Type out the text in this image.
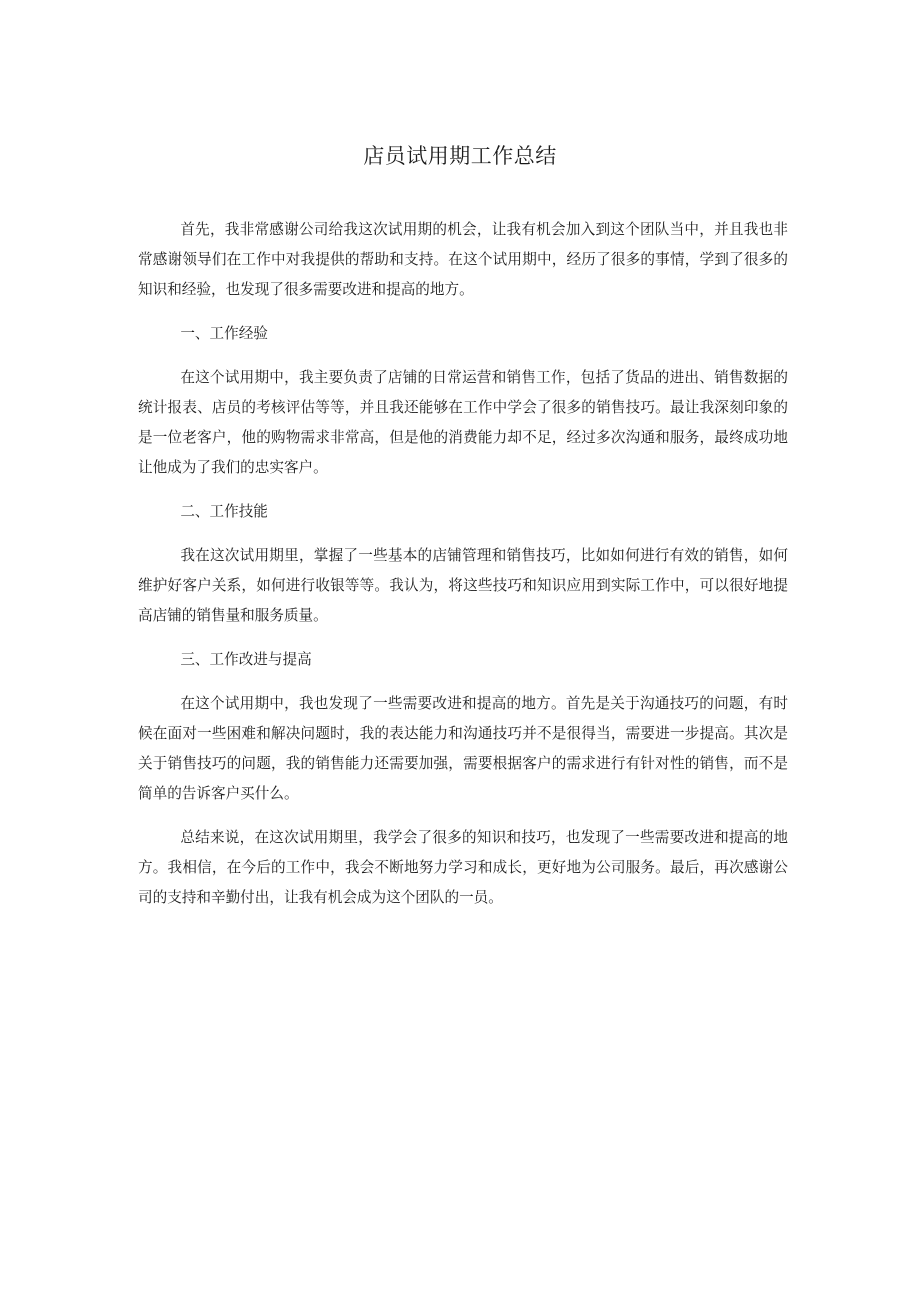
店员试用期工作总结

首先，我非常感谢公司给我这次试用期的机会，让我有机会加入到这个团队当中，并且我也非常感谢领导们在工作中对我提供的帮助和支持。在这个试用期中，经历了很多的事情，学到了很多的知识和经验，也发现了很多需要改进和提高的地方。

一、工作经验

在这个试用期中，我主要负责了店铺的日常运营和销售工作，包括了货品的进出、销售数据的统计报表、店员的考核评估等等，并且我还能够在工作中学会了很多的销售技巧。最让我深刻印象的是一位老客户，他的购物需求非常高，但是他的消费能力却不足，经过多次沟通和服务，最终成功地让他成为了我们的忠实客户。

二、工作技能

我在这次试用期里，掌握了一些基本的店铺管理和销售技巧，比如如何进行有效的销售，如何维护好客户关系，如何进行收银等等。我认为，将这些技巧和知识应用到实际工作中，可以很好地提高店铺的销售量和服务质量。

三、工作改进与提高

在这个试用期中，我也发现了一些需要改进和提高的地方。首先是关于沟通技巧的问题，有时候在面对一些困难和解决问题时，我的表达能力和沟通技巧并不是很得当，需要进一步提高。其次是关于销售技巧的问题，我的销售能力还需要加强，需要根据客户的需求进行有针对性的销售，而不是简单的告诉客户买什么。

总结来说，在这次试用期里，我学会了很多的知识和技巧，也发现了一些需要改进和提高的地方。我相信，在今后的工作中，我会不断地努力学习和成长，更好地为公司服务。最后，再次感谢公司的支持和辛勤付出，让我有机会成为这个团队的一员。
